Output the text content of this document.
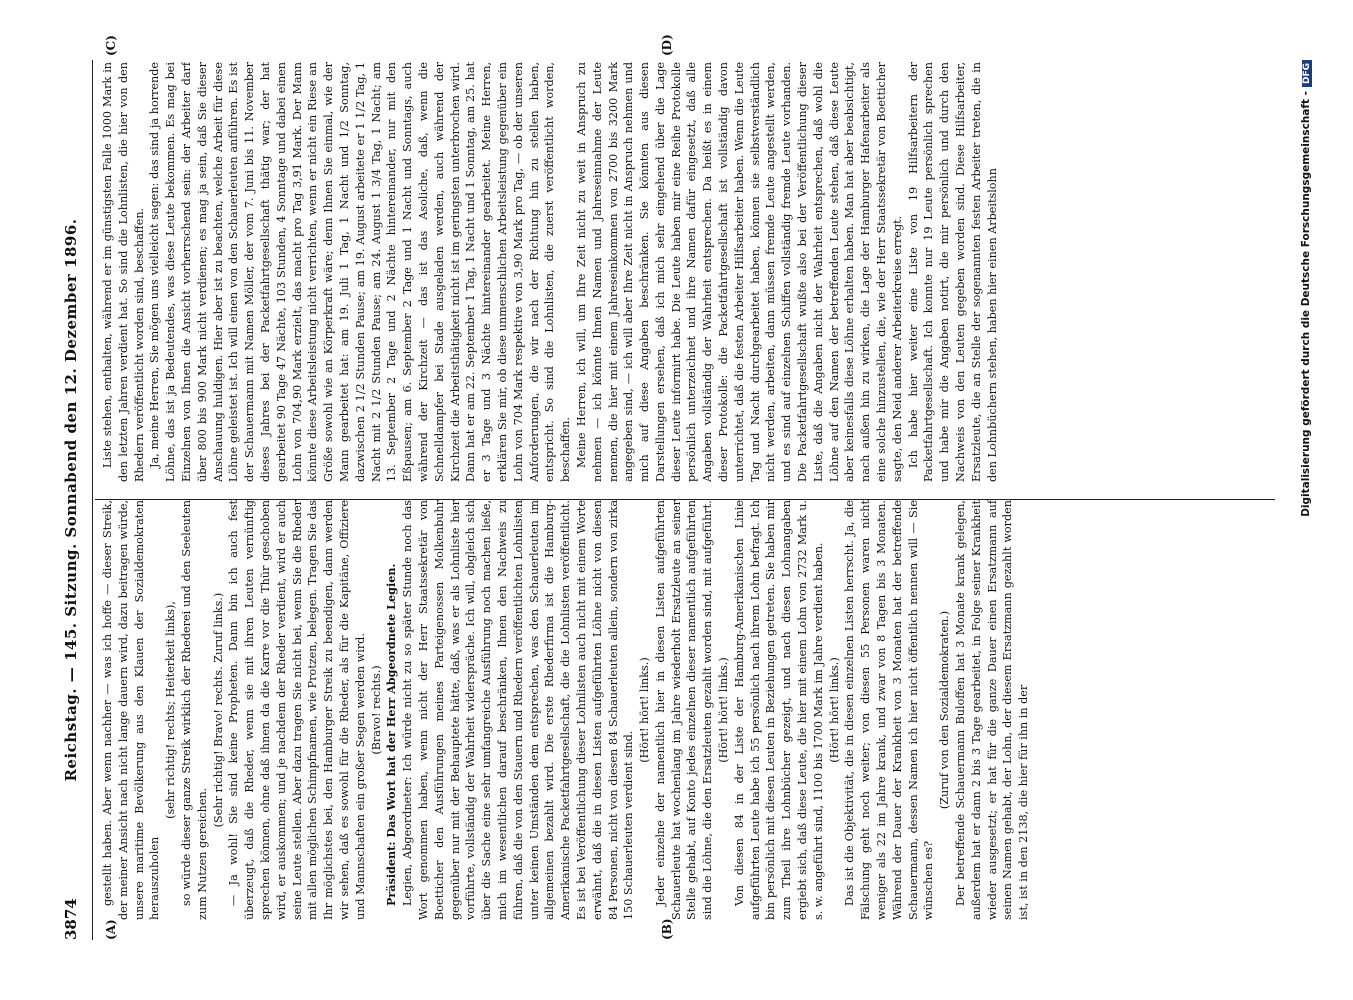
3874
Reichstag. — 145. Sitzung. Sonnabend den 12. Dezember 1896.
(A)	(B)
(C)	(D)

gestellt haben. Aber wenn nachher — was ich hoffe — dieser Streik, der meiner Ansicht nach nicht lange dauern wird, dazu beitragen würde, unsere maritime Bevölkerung aus den Klauen der Sozialdemokraten herauszuholen

(sehr richtig! rechts; Heiterkeit links), so würde dieser ganze Streik wirklich der Rhederei und den Seeleuten zum Nutzen gereichen.

(Sehr richtig! Bravo! rechts. Zuruf links.) — Ja wohl! Sie sind keine Propheten. Dann bin ich auch fest überzeugt, daß die Rheder, wenn sie mit ihren Leuten vernünftig sprechen können, ohne daß ihnen da die Karre vor die Thür geschoben wird, er auskommen; und je nachdem der Rheder verdient, wird er auch seine Leute stellen. Aber dazu tragen Sie nicht bei, wenn Sie die Rheder mit allen möglichen Schimpfnamen, wie Protzen, belegen. Tragen Sie das Ihr möglichstes bei, den Hamburger Streik zu beendigen, dann werden wir sehen, daß es sowohl für die Rheder, als für die Kapitäne, Offiziere und Mannschaften ein großer Segen werden wird. (Bravo! rechts.) Präsident: Das Wort hat der Herr Abgeordnete Legien. Legien, Abgeordneter: Ich würde nicht zu so später Stunde noch das Wort genommen haben, wenn nicht der Herr Staatssekretär von Boetticher den Ausführungen meines Parteigenossen Molkenbuhr gegenüber nur mit der Behauptete hätte, daß, was er als Lohnliste hier vorführte, vollständig der Wahrheit widerspräche. Ich will, obgleich sich über die Sache eine sehr umfangreiche Ausführung noch machen ließe, mich im wesentlichen darauf beschränken, Ihnen den Nachweis zu führen, daß die von den Stauern und Rhedern veröffentlichten Lohnlisten unter keinen Umständen dem entsprechen, was den Schauerleuten im allgemeinen bezahlt wird. Die erste Rhederfirma ist die Hamburg-Amerikanische Packetfahrtgesellschaft, die die Lohnlisten veröffentlicht. Es ist bei Veröffentlichung dieser Lohnlisten auch nicht mit einem Worte erwähnt, daß die in diesen Listen aufgeführten Löhne nicht von diesen 84 Personen, nicht von diesen 84 Schauerleuten allein, sondern von zirka 150 Schauerleuten verdient sind.

(Hört! hört! links.) Jeder einzelne der namentlich hier in diesen Listen aufgeführten Schauerleute hat wochenlang im Jahre wiederholt Ersatzleute an seiner Stelle gehabt, auf Konto jedes einzelnen dieser namentlich aufgeführten sind die Löhne, die den Ersatzleuten gezahlt worden sind, mit aufgeführt. (Hört! hört! links.) Von diesen 84 in der Liste der Hamburg-Amerikanischen Linie aufgeführten Leute habe ich 55 persönlich nach ihrem Lohn befragt. Ich bin persönlich mit diesen Leuten in Beziehungen getreten. Sie haben mir zum Theil ihre Lohnbücher gezeigt, und nach diesen Lohnangaben ergiebt sich, daß diese Leute, die hier mit einem Lohn von 2732 Mark u. s. w. angeführt sind, 1100 bis 1700 Mark im Jahre verdient haben. (Hört! hört! links.) Das ist die Objektivität, die in diesen einzelnen Listen herrscht. Ja, die Fälschung geht noch weiter; von diesen 55 Personen waren nicht weniger als 22 im Jahre krank, und zwar von 8 Tagen bis 3 Monaten. Während der Dauer der Krankheit von 3 Monaten hat der betreffende Schauermann, dessen Namen ich hier nicht öffentlich nennen will — Sie wünschen es?

(Zuruf von den Sozialdemokraten.) Der betreffende Schauermann Buloffen hat 3 Monate krank gelegen, außerdem hat er dann 2 bis 3 Tage gearbeitet, in Folge seiner Krankheit wieder ausgesetzt; er hat für die ganze Dauer einen Ersatzmann auf seinen Namen gehabt, der Lohn, der diesem Ersatzmann gezahlt worden ist, ist in den 2138, die hier für ihn in der

Liste stehen, enthalten, während er im günstigsten Falle 1000 Mark in den letzten Jahren verdient hat. So sind die Lohnlisten, die hier von den Rhedern veröffentlicht worden sind, beschaffen. Ja, meine Herren, Sie mögen uns vielleicht sagen: das sind ja horrende Löhne, das ist ja Bedeutendes, was diese Leute bekommen. Es mag bei Einzelnen von Ihnen die Ansicht vorherrschend sein: der Arbeiter darf über 800 bis 900 Mark nicht verdienen; es mag ja sein, daß Sie dieser Anschauung huldigen. Hier aber ist zu beachten, welche Arbeit für diese Löhne geleistet ist. Ich will einen von den Schauerleuten anführen. Es ist der Schauermann mit Namen Möller, der vom 7. Juni bis 11. November dieses Jahres bei der Packetfahrtgesellschaft thätig war; der hat gearbeitet 90 Tage 47 Nächte, 103 Stunden, 4 Sonntage und dabei einen Lohn von 704,90 Mark erzielt, das macht pro Tag 3,91 Mark. Der Mann könnte diese Arbeitsleistung nicht verrichten, wenn er nicht ein Riese an Größe sowohl wie an Körperkraft wäre; denn Ihnen Sie einmal, wie der Mann gearbeitet hat: am 19. Juli 1 Tag, 1 Nacht und 1/2 Sonntag, dazwischen 2 1/2 Stunden Pause; am 19. August arbeitete er 1 1/2 Tag, 1 Nacht mit 2 1/2 Stunden Pause; am 24. August 1 3/4 Tag, 1 Nacht; am 13. September 2 Tage und 2 Nächte hintereinander, nur mit den Eßpausen; am 6. September 2 Tage und 1 Nacht und Sonntags, auch während der Kirchzeit — das ist das Asoliche, daß, wenn die Schnelldampfer bei Stade ausgeladen werden, auch während der Kirchzeit die Arbeitsthätigkeit nicht ist im geringsten unterbrochen wird. Dann hat er am 22. September 1 Tag, 1 Nacht und 1 Sonntag, am 25. hat er 3 Tage und 3 Nächte hintereinander gearbeitet. Meine Herren, erklären Sie mir, ob diese unmenschlichen Arbeitsleistung gegenüber ein Lohn von 704 Mark respektive von 3,90 Mark pro Tag, — ob der unseren Anforderungen, die wir nach der Richtung hin zu stellen haben, entspricht. So sind die Lohnlisten, die zuerst veröffentlicht worden, beschaffen. Meine Herren, ich will, um Ihre Zeit nicht zu weit in Anspruch zu nehmen — ich könnte Ihnen Namen und Jahreseinnahme der Leute nennen, die hier mit einem Jahreseinkommen von 2700 bis 3200 Mark angegeben sind, — ich will aber Ihre Zeit nicht in Anspruch nehmen und mich auf diese Angaben beschränken. Sie könnten aus diesen Darstellungen ersehen, daß ich mich sehr eingehend über die Lage dieser Leute informirt habe. Die Leute haben mir eine Reihe Protokolle persönlich unterzeichnet und ihre Namen dafür eingesetzt, daß alle Angaben vollständig der Wahrheit entsprechen. Da heißt es in einem dieser Protokolle: die Packetfahrtgesellschaft ist vollständig davon unterrichtet, daß die festen Arbeiter Hilfsarbeiter haben. Wenn die Leute Tag und Nacht durchgearbeitet haben, können sie selbstverständlich nicht werden, arbeiten, dann müssen fremde Leute angestellt werden, und es sind auf einzelnen Schiffen vollständig fremde Leute vorhanden. Die Packetfahrtgesellschaft wußte also bei der Veröffentlichung dieser Liste, daß die Angaben nicht der Wahrheit entsprechen, daß wohl die Löhne auf den Namen der betreffenden Leute stehen, daß diese Leute aber keinesfalls diese Löhne erhalten haben. Man hat aber beabsichtigt, nach außen hin zu wirken, die Lage der Hamburger Hafenarbeiter als eine solche hinzustellen, die, wie der Herr Staatssekretär von Boetticher sagte, den Neid anderer Arbeiterkreise erregt. Ich habe hier weiter eine Liste von 19 Hilfsarbeitern der Packetfahrtgesellschaft. Ich konnte nur 19 Leute persönlich sprechen und habe mir die Angaben notirt, die mir persönlich und durch den Nachweis von den Leuten gegeben worden sind. Diese Hilfsarbeiter, Ersatzleute, die an Stelle der sogenannten festen Arbeiter treten, die in den Lohnbüchern stehen, haben hier einen Arbeitslohn	Digitalisierung gefördert durch die Deutsche Forschungsgemeinschaft -DFG
